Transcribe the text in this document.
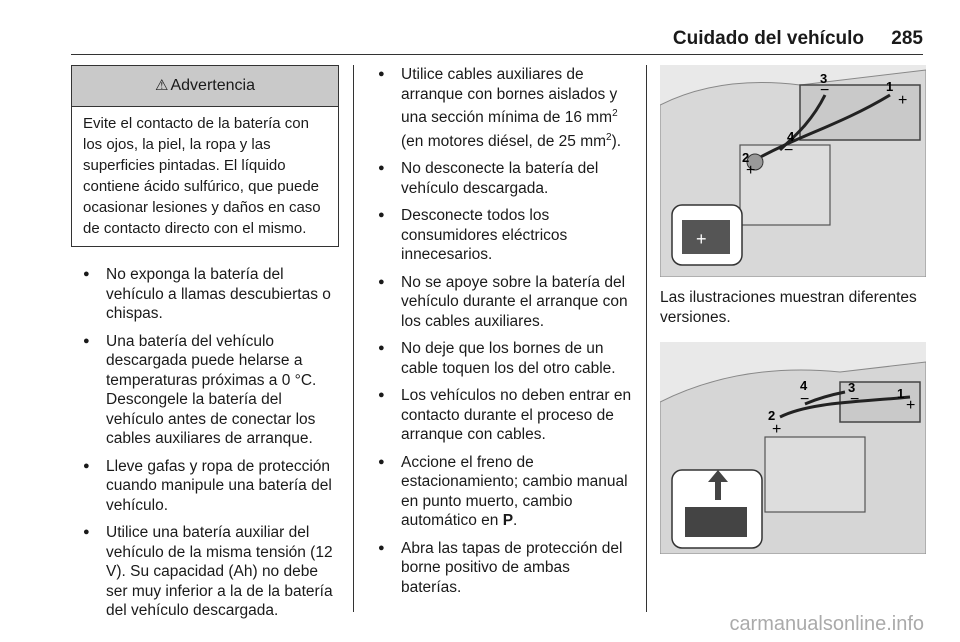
Cuidado del vehículo 285
⚠ Advertencia
Evite el contacto de la batería con los ojos, la piel, la ropa y las superficies pintadas. El líquido contiene ácido sulfúrico, que puede ocasionar lesiones y daños en caso de contacto directo con el mismo.
● No exponga la batería del vehículo a llamas descubiertas o chispas.
● Una batería del vehículo descargada puede helarse a temperaturas próximas a 0 °C. Descongele la batería del vehículo antes de conectar los cables auxiliares de arranque.
● Lleve gafas y ropa de protección cuando manipule una batería del vehículo.
● Utilice una batería auxiliar del vehículo de la misma tensión (12 V). Su capacidad (Ah) no debe ser muy inferior a la de la batería del vehículo descargada.
● Utilice cables auxiliares de arranque con bornes aislados y una sección mínima de 16 $mm^2$ (en motores diésel, de 25 $mm^2$).
● No desconecte la batería del vehículo descargada.
● Desconecte todos los consumidores eléctricos innecesarios.
● No se apoye sobre la batería del vehículo durante el arranque con los cables auxiliares.
● No deje que los bornes de un cable toquen los del otro cable.
● Los vehículos no deben entrar en contacto durante el proceso de arranque con cables.
● Accione el freno de estacionamiento; cambio manual en punto muerto, cambio automático en P.
● Abra las tapas de protección del borne positivo de ambas baterías.
1
2
3
4
+
+
−
−
+
Las ilustraciones muestran diferentes versiones.
1
2
3
4
+
+
−
−
carmanualsonline.info
